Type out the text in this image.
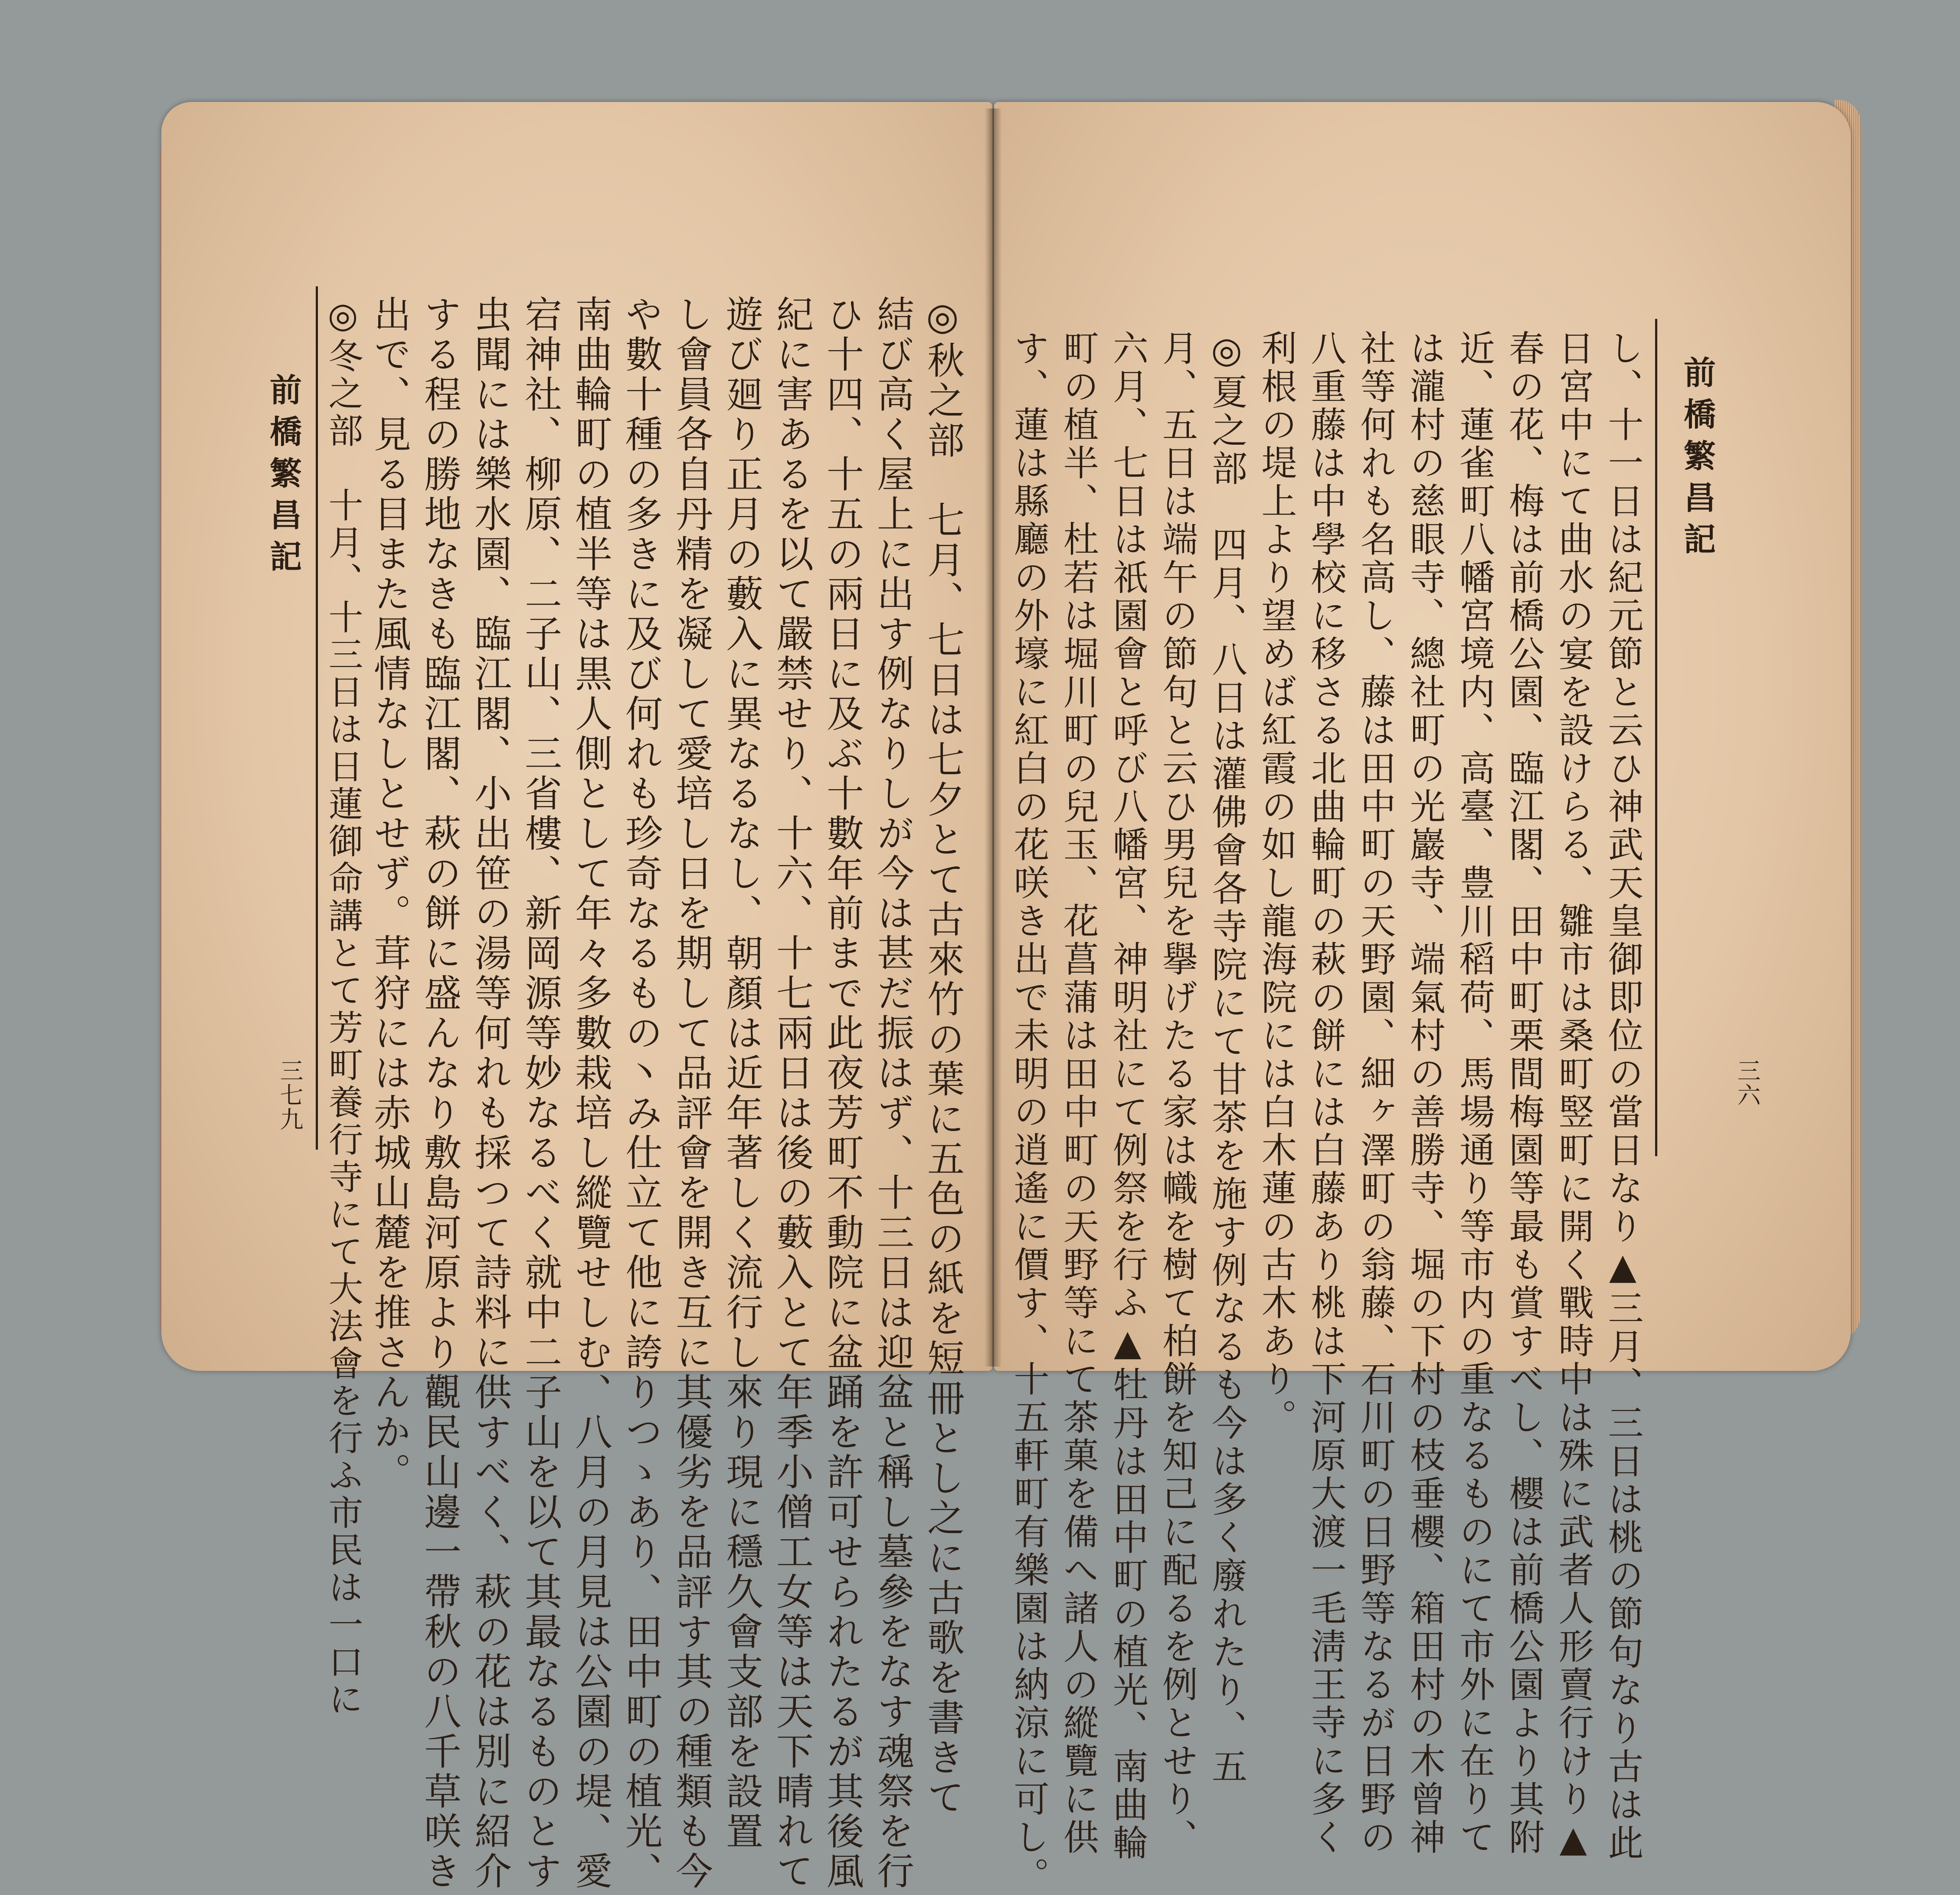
前橋繁昌記
三六
し、十一日は紀元節と云ひ神武天皇御即位の當日なり▲三月、三日は桃の節句なり古は此
日宮中にて曲水の宴を設けらる、雛市は桑町竪町に開く戰時中は殊に武者人形賣行けり▲
春の花、梅は前橋公園、臨江閣、田中町栗間梅園等最も賞すべし、櫻は前橋公園より其附
近、蓮雀町八幡宮境内、高臺、豊川稻荷、馬場通り等市内の重なるものにて市外に在りて
は瀧村の慈眼寺、總社町の光巖寺、端氣村の善勝寺、堀の下村の枝垂櫻、箱田村の木曾神
社等何れも名高し、藤は田中町の天野園、細ヶ澤町の翁藤、石川町の日野等なるが日野の
八重藤は中學校に移さる北曲輪町の萩の餅には白藤あり桃は下河原大渡一毛淸王寺に多く
利根の堤上より望めば紅霞の如し龍海院には白木蓮の古木あり。
◎夏之部　四月、八日は灌佛會各寺院にて甘茶を施す例なるも今は多く廢れたり、五
月、五日は端午の節句と云ひ男兒を擧げたる家は幟を樹て柏餅を知己に配るを例とせり、
六月、七日は祇園會と呼び八幡宮、神明社にて例祭を行ふ▲牡丹は田中町の植光、南曲輪
町の植半、杜若は堀川町の兒玉、花菖蒲は田中町の天野等にて茶菓を備へ諸人の縱覽に供
前橋繁昌記
三七九	◎秋之部　七月、七日は七夕とて古來竹の葉に五色の紙を短冊とし之に古歌を書きて
結び高く屋上に出す例なりしが今は甚だ振はず、十三日は迎盆と稱し墓參をなす魂祭を行
ひ十四、十五の兩日に及ぶ十數年前まで此夜芳町不動院に盆踊を許可せられたるが其後風
紀に害あるを以て嚴禁せり、十六、十七兩日は後の藪入とて年季小僧工女等は天下晴れて
遊び廻り正月の藪入に異なるなし、朝顏は近年著しく流行し來り現に穩久會支部を設置
し會員各自丹精を凝して愛培し日を期して品評會を開き互に其優劣を品評す其の種類も今
や數十種の多きに及び何れも珍奇なるもの丶み仕立て他に誇りつゝあり、田中町の植光、
南曲輪町の植半等は黒人側として年々多數栽培し縱覽せしむ、八月の月見は公園の堤、愛
宕神社、柳原、二子山、三省樓、新岡源等妙なるべく就中二子山を以て其最なるものとす
虫聞には樂水園、臨江閣、小出笹の湯等何れも採つて詩料に供すべく、萩の花は別に紹介
する程の勝地なきも臨江閣、萩の餅に盛んなり敷島河原より觀民山邊一帶秋の八千草咲き
出で、見る目また風情なしとせず。茸狩には赤城山麓を推さんか。
◎冬之部　十月、十三日は日蓮御命講とて芳町養行寺にて大法會を行ふ市民は一口に	す、蓮は縣廳の外壕に紅白の花咲き出で未明の逍遙に價す、十五軒町有樂園は納涼に可し。
